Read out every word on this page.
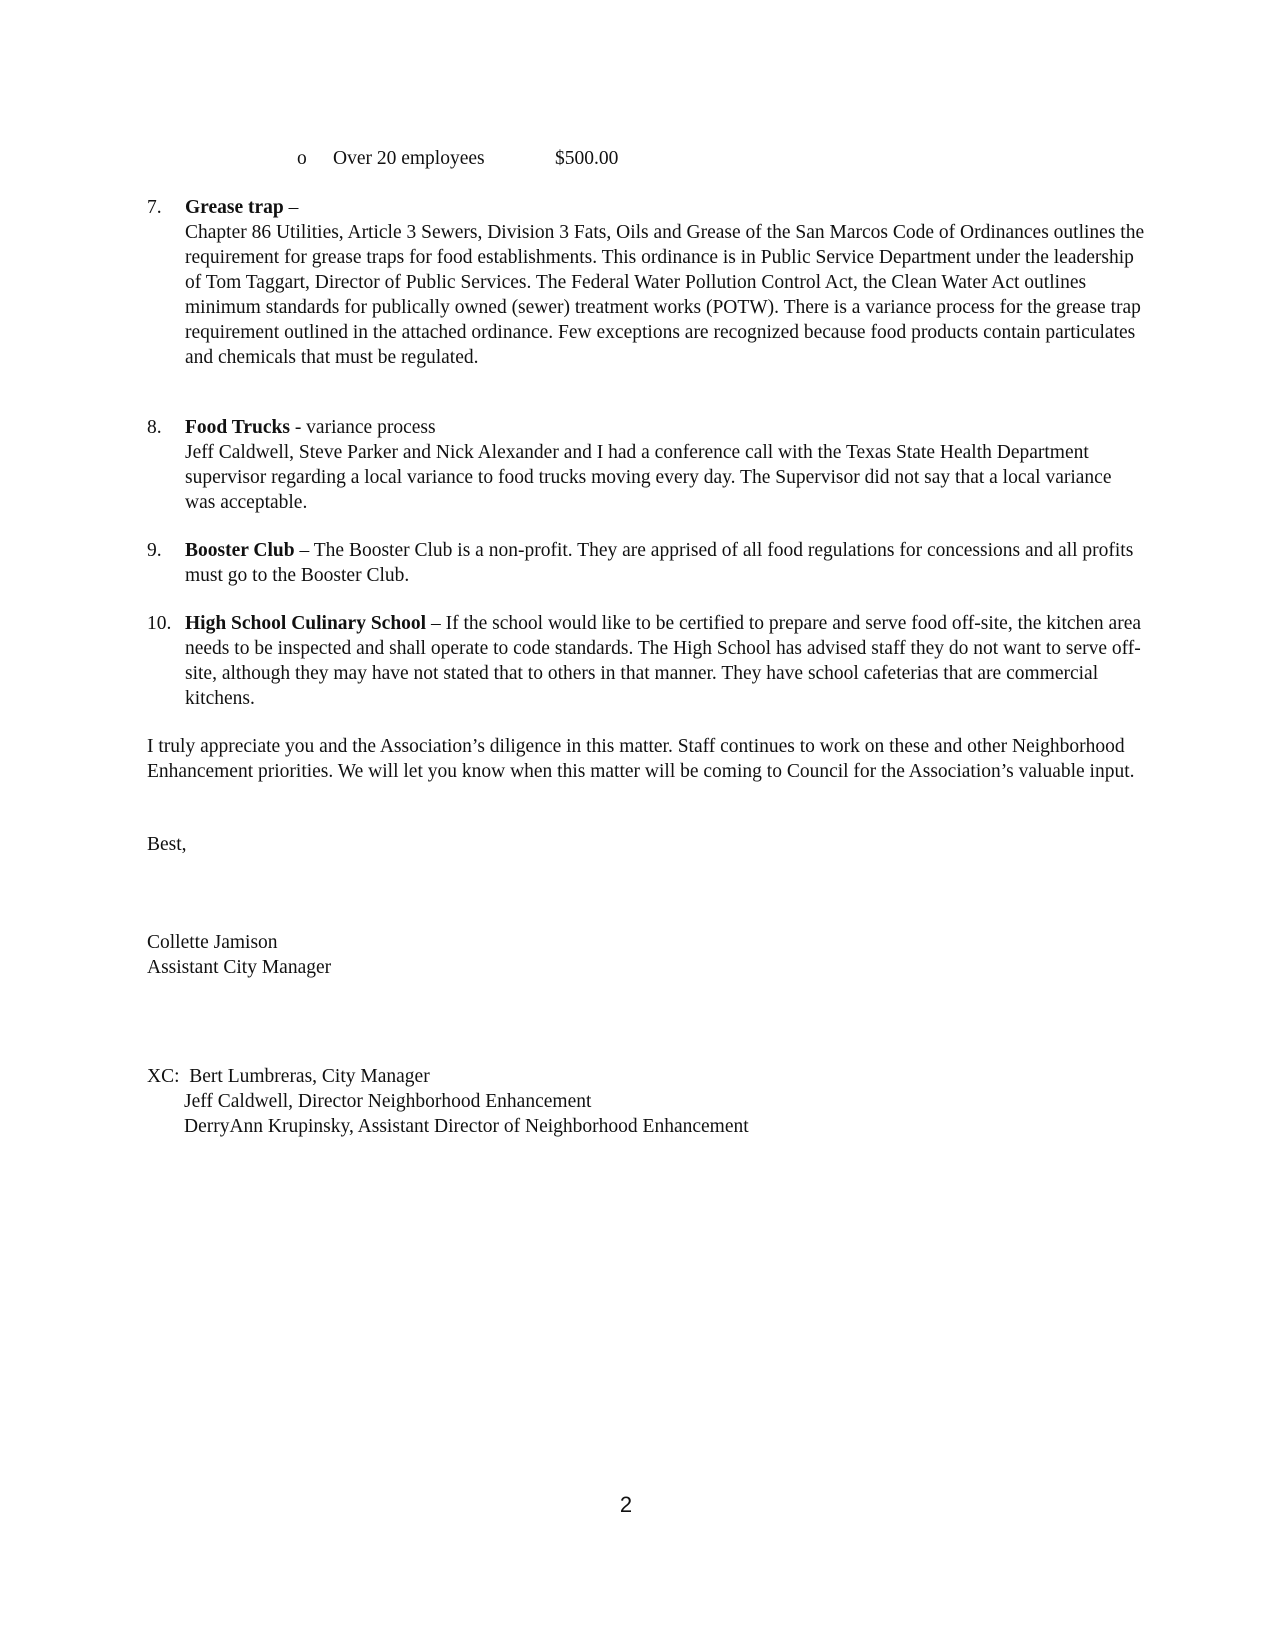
o Over 20 employees	$500.00
7. Grease trap –

Chapter 86 Utilities, Article 3 Sewers, Division 3 Fats, Oils and Grease of the San Marcos Code of Ordinances outlines the requirement for grease traps for food establishments. This ordinance is in Public Service Department under the leadership of Tom Taggart, Director of Public Services. The Federal Water Pollution Control Act, the Clean Water Act outlines minimum standards for publically owned (sewer) treatment works (POTW). There is a variance process for the grease trap requirement outlined in the attached ordinance. Few exceptions are recognized because food products contain particulates and chemicals that must be regulated.

8. Food Trucks - variance process

Jeff Caldwell, Steve Parker and Nick Alexander and I had a conference call with the Texas State Health Department supervisor regarding a local variance to food trucks moving every day. The Supervisor did not say that a local variance was acceptable.

9. Booster Club – The Booster Club is a non-profit. They are apprised of all food regulations for concessions and all profits must go to the Booster Club.

10. High School Culinary School – If the school would like to be certified to prepare and serve food off-site, the kitchen area needs to be inspected and shall operate to code standards. The High School has advised staff they do not want to serve off-site, although they may have not stated that to others in that manner. They have school cafeterias that are commercial kitchens.

I truly appreciate you and the Association’s diligence in this matter. Staff continues to work on these and other Neighborhood Enhancement priorities. We will let you know when this matter will be coming to Council for the Association’s valuable input.

Best,

Collette Jamison

Assistant City Manager

XC: Bert Lumbreras, City Manager
Jeff Caldwell, Director Neighborhood Enhancement
DerryAnn Krupinsky, Assistant Director of Neighborhood Enhancement
2
